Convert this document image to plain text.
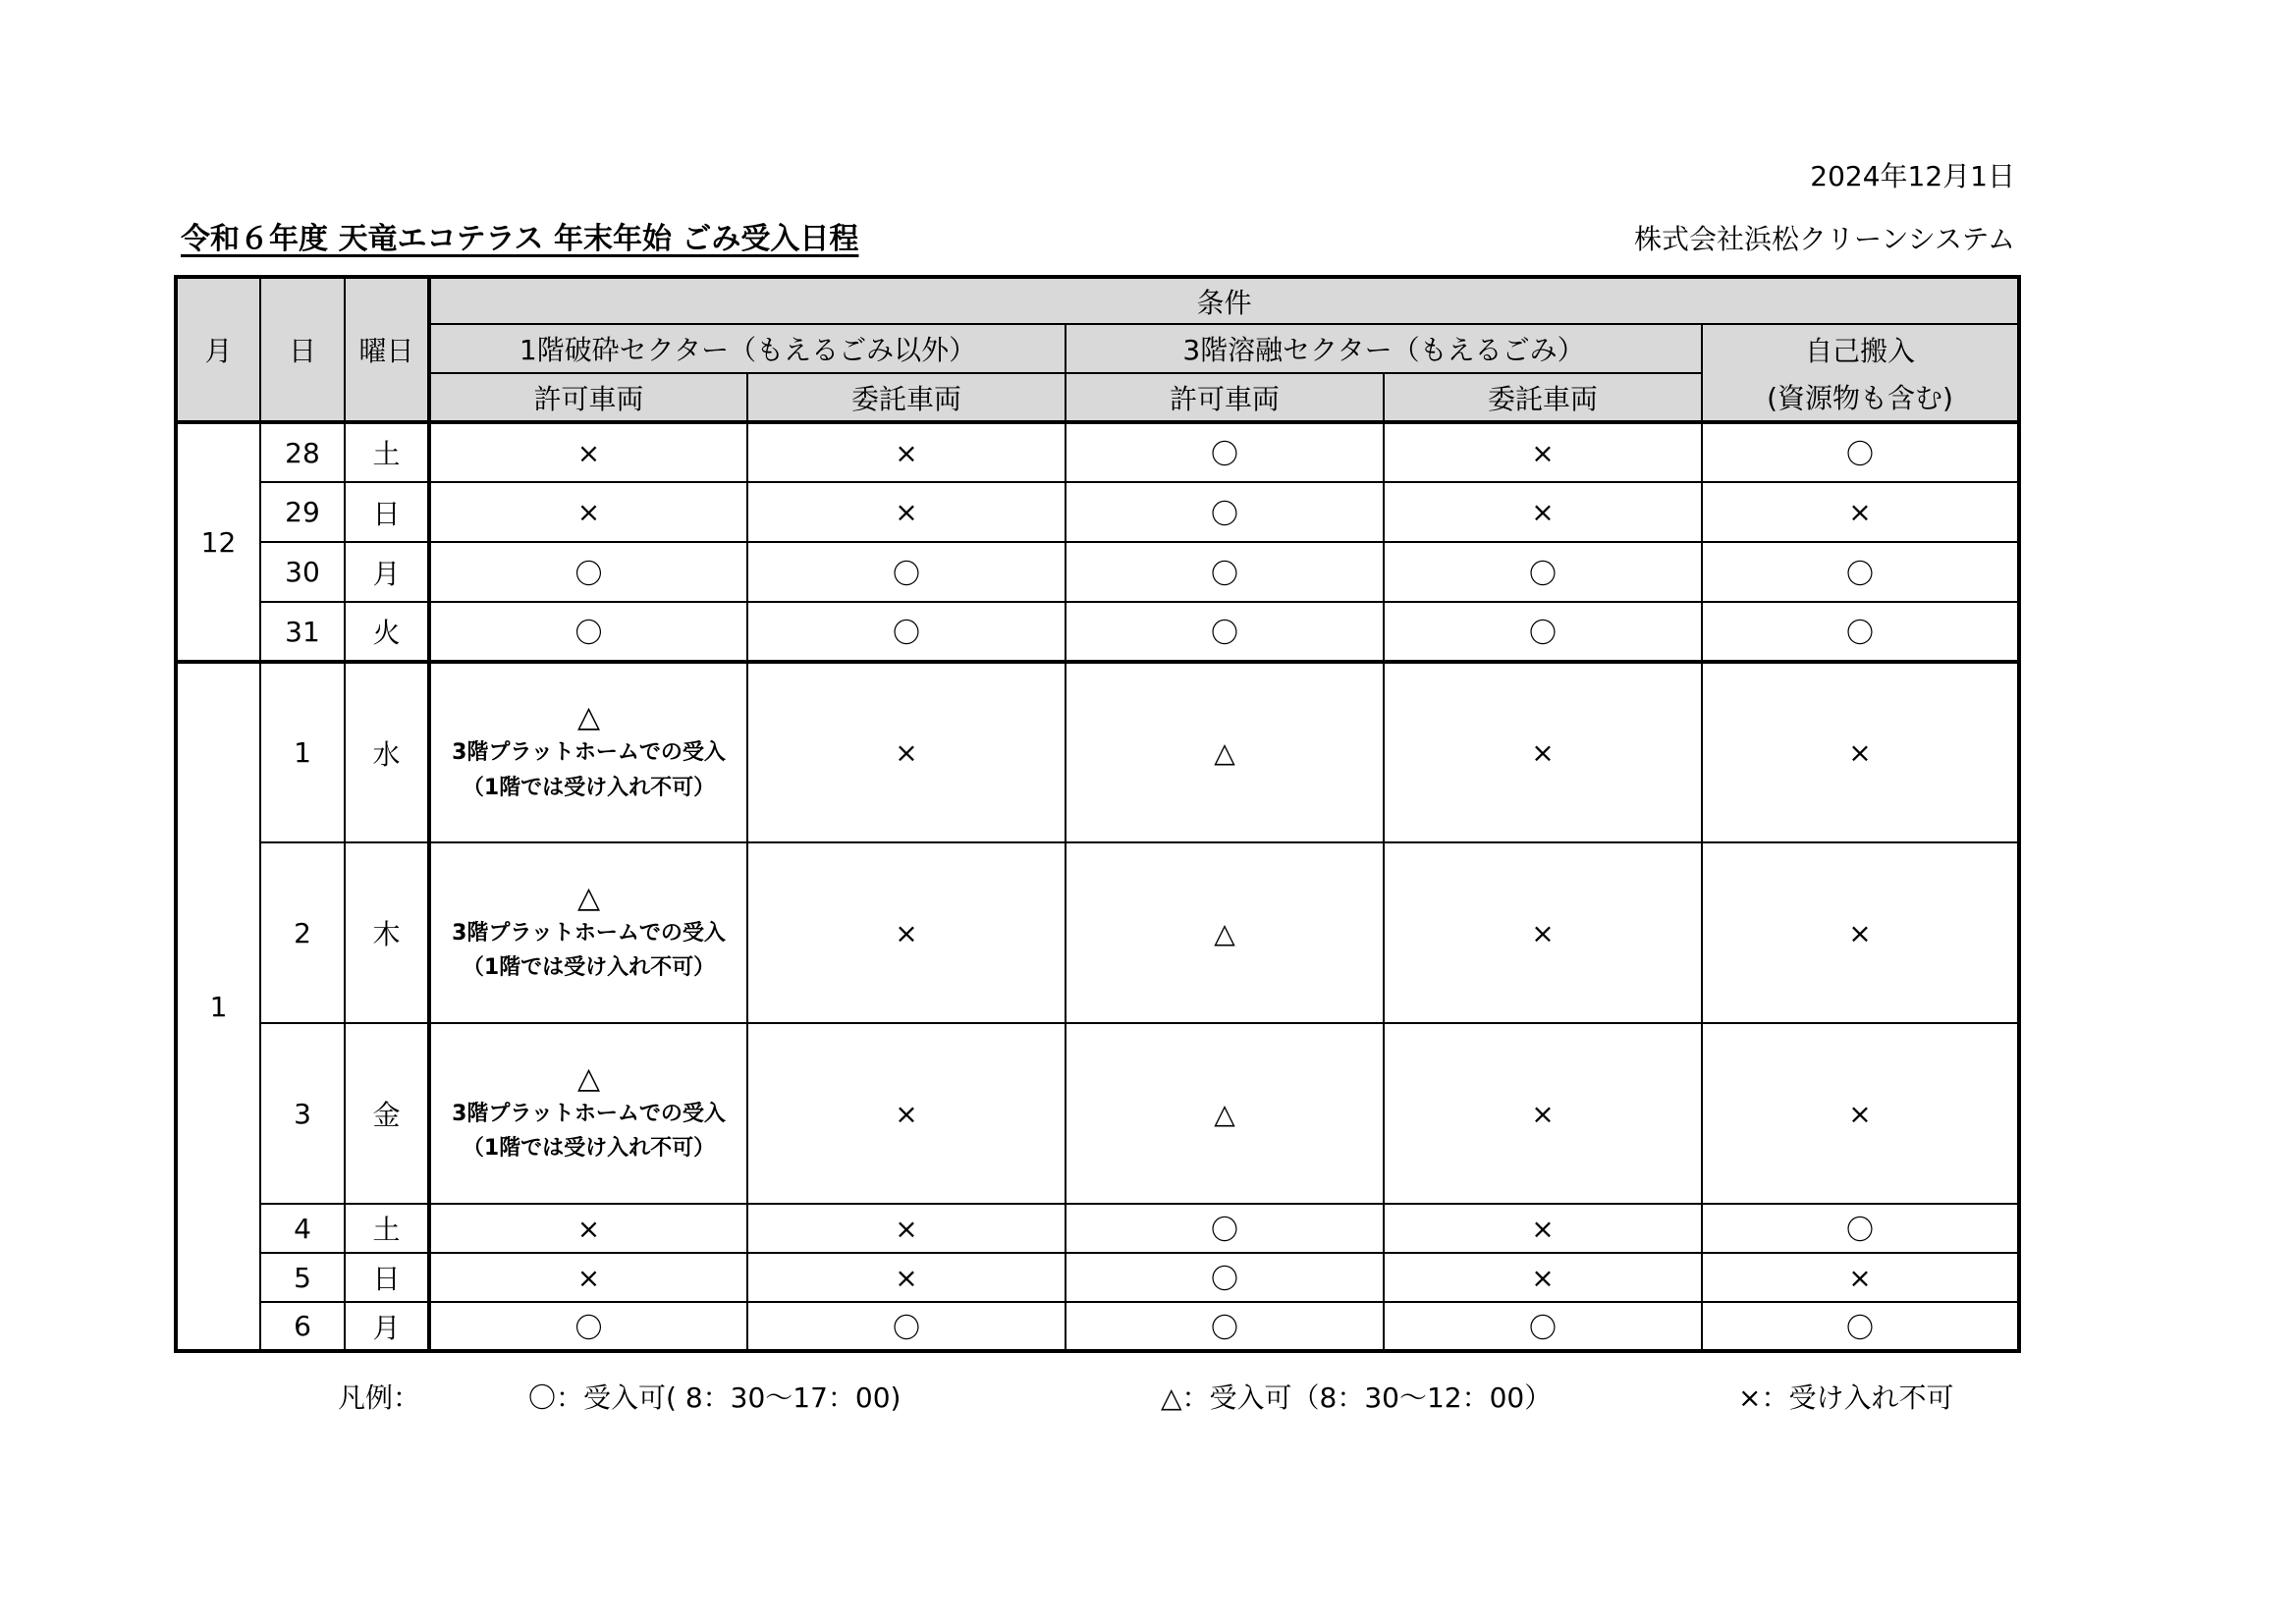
2024年12月1日
令和６年度 天竜エコテラス 年末年始 ごみ受入日程	株式会社浜松クリーンシステム
月	日	曜日	条件				
			1階破砕セクター（もえるごみ以外）		3階溶融セクター（もえるごみ）		自己搬入
			許可車両	委託車両	許可車両	委託車両	(資源物も含む)
12	28	土	×	×	〇	×	〇
	29	日	×	×	〇	×	×
	30	月	〇	〇	〇	〇	〇
	31	火	〇	〇	〇	〇	〇
1	1	水	△
3階プラットホームでの受入
（1階では受け入れ不可）	×	△	×	×
	2	木	△
3階プラットホームでの受入
（1階では受け入れ不可）	×	△	×	×
	3	金	△
3階プラットホームでの受入
（1階では受け入れ不可）	×	△	×	×
	4	土	×	×	〇	×	〇
	5	日	×	×	〇	×	×
	6	月	〇	〇	〇	〇	〇
凡例：	〇：受入可( 8：30～17：00)	△：受入可（8：30～12：00）	×：受け入れ不可
